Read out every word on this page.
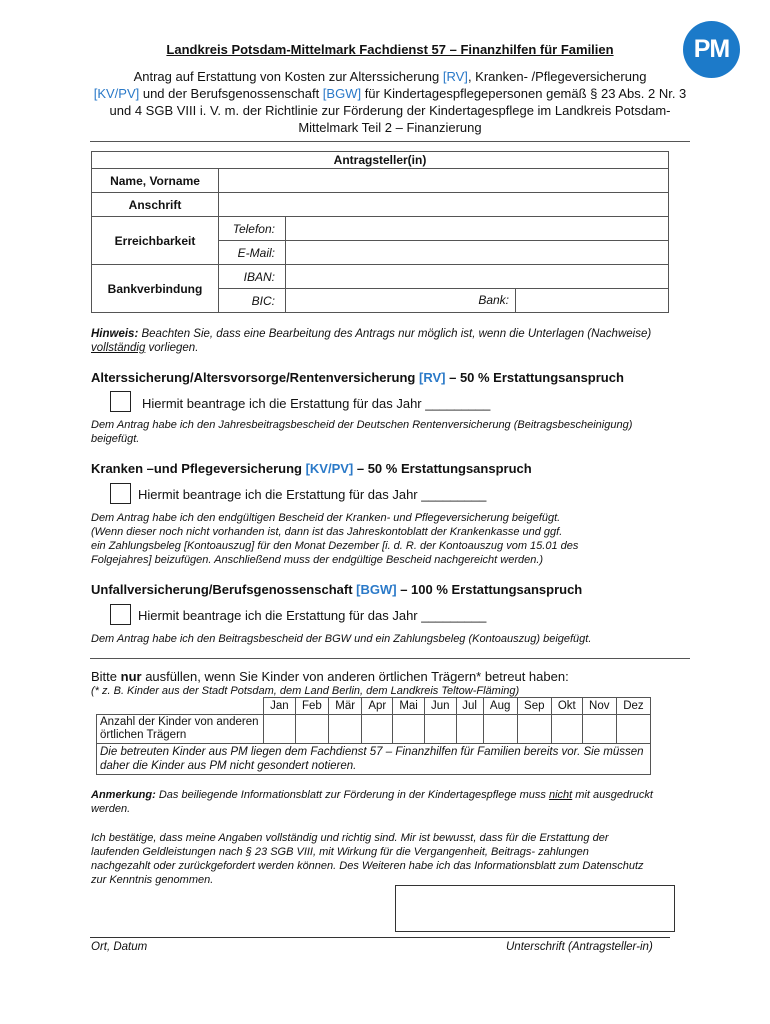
PM
Landkreis Potsdam-Mittelmark Fachdienst 57 – Finanzhilfen für Familien
Antrag auf Erstattung von Kosten zur Alterssicherung [RV], Kranken- /Pflegeversicherung
[KV/PV] und der Berufsgenossenschaft [BGW] für Kindertagespflegepersonen gemäß § 23 Abs. 2 Nr. 3 und 4 SGB VIII i. V. m. der Richtlinie zur Förderung der Kindertagespflege im Landkreis Potsdam-Mittelmark Teil 2 – Finanzierung
Antragsteller(in)			
Name, Vorname			
Anschrift			
Erreichbarkeit	Telefon:		
	E-Mail:		
Bankverbindung	IBAN:		
	BIC:	Bank:	

Hinweis: Beachten Sie, dass eine Bearbeitung des Antrags nur möglich ist, wenn die Unterlagen (Nachweise) vollständig vorliegen.
Alterssicherung/Altersvorsorge/Rentenversicherung [RV] – 50 % Erstattungsanspruch
Hiermit beantrage ich die Erstattung für das Jahr _________
Dem Antrag habe ich den Jahresbeitragsbescheid der Deutschen Rentenversicherung (Beitragsbescheinigung) beigefügt.
Kranken –und Pflegeversicherung [KV/PV] – 50 % Erstattungsanspruch
Hiermit beantrage ich die Erstattung für das Jahr _________
Dem Antrag habe ich den endgültigen Bescheid der Kranken- und Pflegeversicherung beigefügt.
(Wenn dieser noch nicht vorhanden ist, dann ist das Jahreskontoblatt der Krankenkasse und ggf.
ein Zahlungsbeleg [Kontoauszug] für den Monat Dezember [i. d. R. der Kontoauszug vom 15.01 des
Folgejahres] beizufügen. Anschließend muss der endgültige Bescheid nachgereicht werden.)
Unfallversicherung/Berufsgenossenschaft [BGW] – 100 % Erstattungsanspruch
Hiermit beantrage ich die Erstattung für das Jahr _________
Dem Antrag habe ich den Beitragsbescheid der BGW und ein Zahlungsbeleg (Kontoauszug) beigefügt.
Bitte nur ausfüllen, wenn Sie Kinder von anderen örtlichen Trägern* betreut haben:
(* z. B. Kinder aus der Stadt Potsdam, dem Land Berlin, dem Landkreis Teltow-Fläming)
	Jan	Feb	Mär	Apr	Mai	Jun	Jul	Aug	Sep	Okt	Nov	Dez
Anzahl der Kinder von anderen örtlichen Trägern												
Die betreuten Kinder aus PM liegen dem Fachdienst 57 – Finanzhilfen für Familien bereits vor. Sie müssen daher die Kinder aus PM nicht gesondert notieren.												
Anmerkung: Das beiliegende Informationsblatt zur Förderung in der Kindertagespflege muss nicht mit ausgedruckt werden.
Ich bestätige, dass meine Angaben vollständig und richtig sind. Mir ist bewusst, dass für die Erstattung der laufenden Geldleistungen nach § 23 SGB VIII, mit Wirkung für die Vergangenheit, Beitrags- zahlungen nachgezahlt oder zurückgefordert werden können. Des Weiteren habe ich das Informationsblatt zum Datenschutz zur Kenntnis genommen.
Ort, Datum	Unterschrift (Antragsteller-in)
